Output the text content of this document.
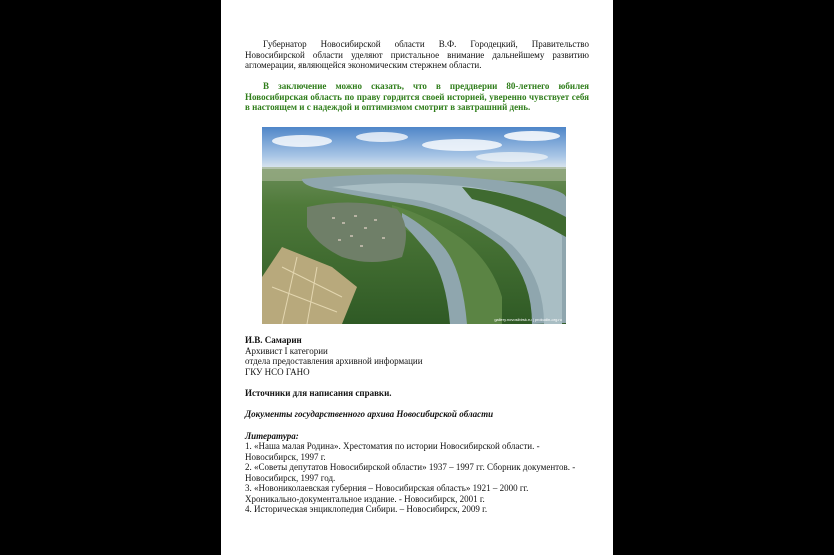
Губернатор Новосибирской области В.Ф. Городецкий, Правительство Новосибирской области уделяют пристальное внимание дальнейшему развитию агломерации, являющейся экономическим стержнем области.
В заключение можно сказать, что в преддверии 80-летнего юбилея Новосибирская область по праву гордится своей историей, уверенно чувствует себя в настоящем и с надеждой и оптимизмом смотрит в завтрашний день.
gallery.novosibirsk.ru | prokudin-org.ru
И.В. Самарин
Архивист I категории
отдела предоставления архивной информации
ГКУ НСО ГАНО
Источники для написания справки.
Документы государственного архива Новосибирской области
Литература:
1. «Наша малая Родина». Хрестоматия по истории Новосибирской области. -
Новосибирск, 1997 г.
2. «Советы депутатов Новосибирской области» 1937 – 1997 гг. Сборник документов. -
Новосибирск, 1997 год.
3. «Новониколаевская губерния – Новосибирская область» 1921 – 2000 гг.
Хроникально-документальное издание. - Новосибирск, 2001 г.
4. Историческая энциклопедия Сибири. – Новосибирск, 2009 г.
